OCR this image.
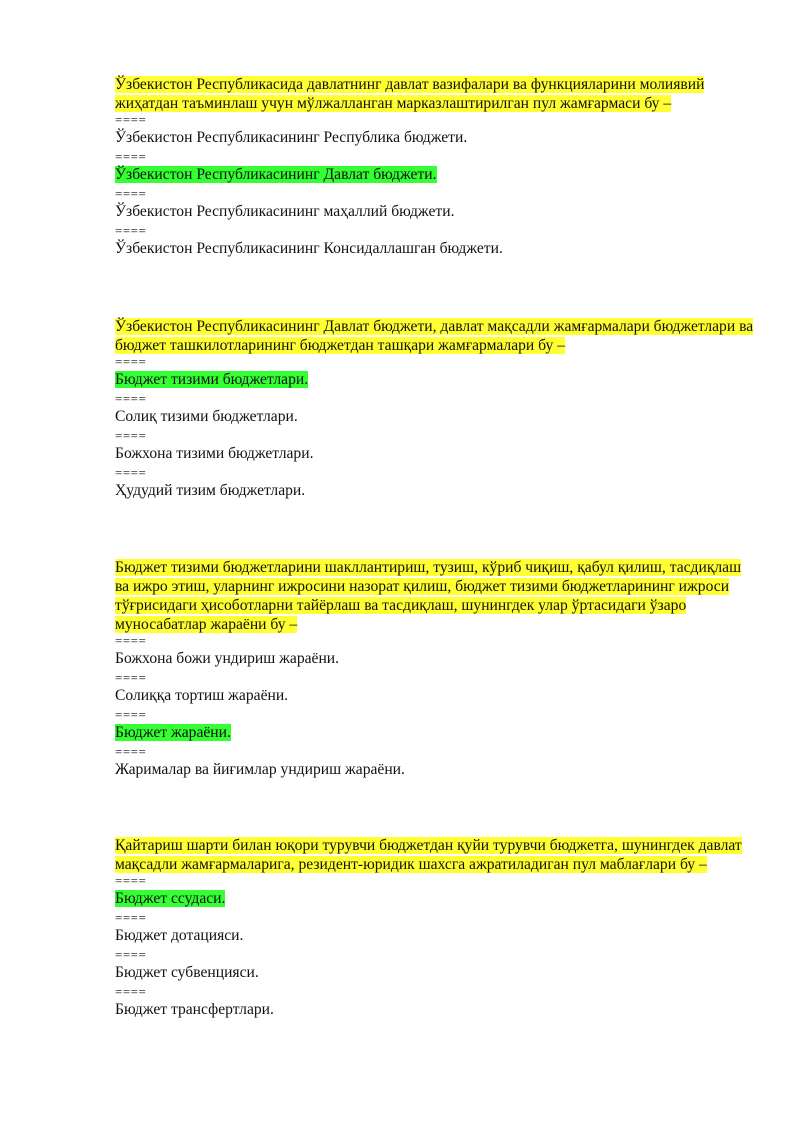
Ўзбекистон Республикасида давлатнинг давлат вазифалари ва функцияларини молиявий жиҳатдан таъминлаш учун мўлжалланган марказлаштирилган пул жамғармаси бу –

====
Ўзбекистон Республикасининг Республика бюджети.
====
Ўзбекистон Республикасининг Давлат бюджети.
====
Ўзбекистон Республикасининг маҳаллий бюджети.
====
Ўзбекистон Республикасининг Консидаллашган бюджети.

Ўзбекистон Республикасининг Давлат бюджети, давлат мақсадли жамғармалари бюджетлари ва бюджет ташкилотларининг бюджетдан ташқари жамғармалари бу –

====
Бюджет тизими бюджетлари.
====
Солиқ тизими бюджетлари.
====
Божхона тизими бюджетлари.
====
Ҳудудий тизим бюджетлари.

Бюджет тизими бюджетларини шакллантириш, тузиш, кўриб чиқиш, қабул қилиш, тасдиқлаш ва ижро этиш, уларнинг ижросини назорат қилиш, бюджет тизими бюджетларининг ижроси тўғрисидаги ҳисоботларни тайёрлаш ва тасдиқлаш, шунингдек улар ўртасидаги ўзаро муносабатлар жараёни бу –

====
Божхона божи ундириш жараёни.
====
Солиққа тортиш жараёни.
====
Бюджет жараёни.
====
Жарималар ва йиғимлар ундириш жараёни.

Қайтариш шарти билан юқори турувчи бюджетдан қуйи турувчи бюджетга, шунингдек давлат мақсадли жамғармаларига, резидент-юридик шахсга ажратиладиган пул маблағлари бу –

====
Бюджет ссудаси.
====
Бюджет дотацияси.
====
Бюджет субвенцияси.
====
Бюджет трансфертлари.
